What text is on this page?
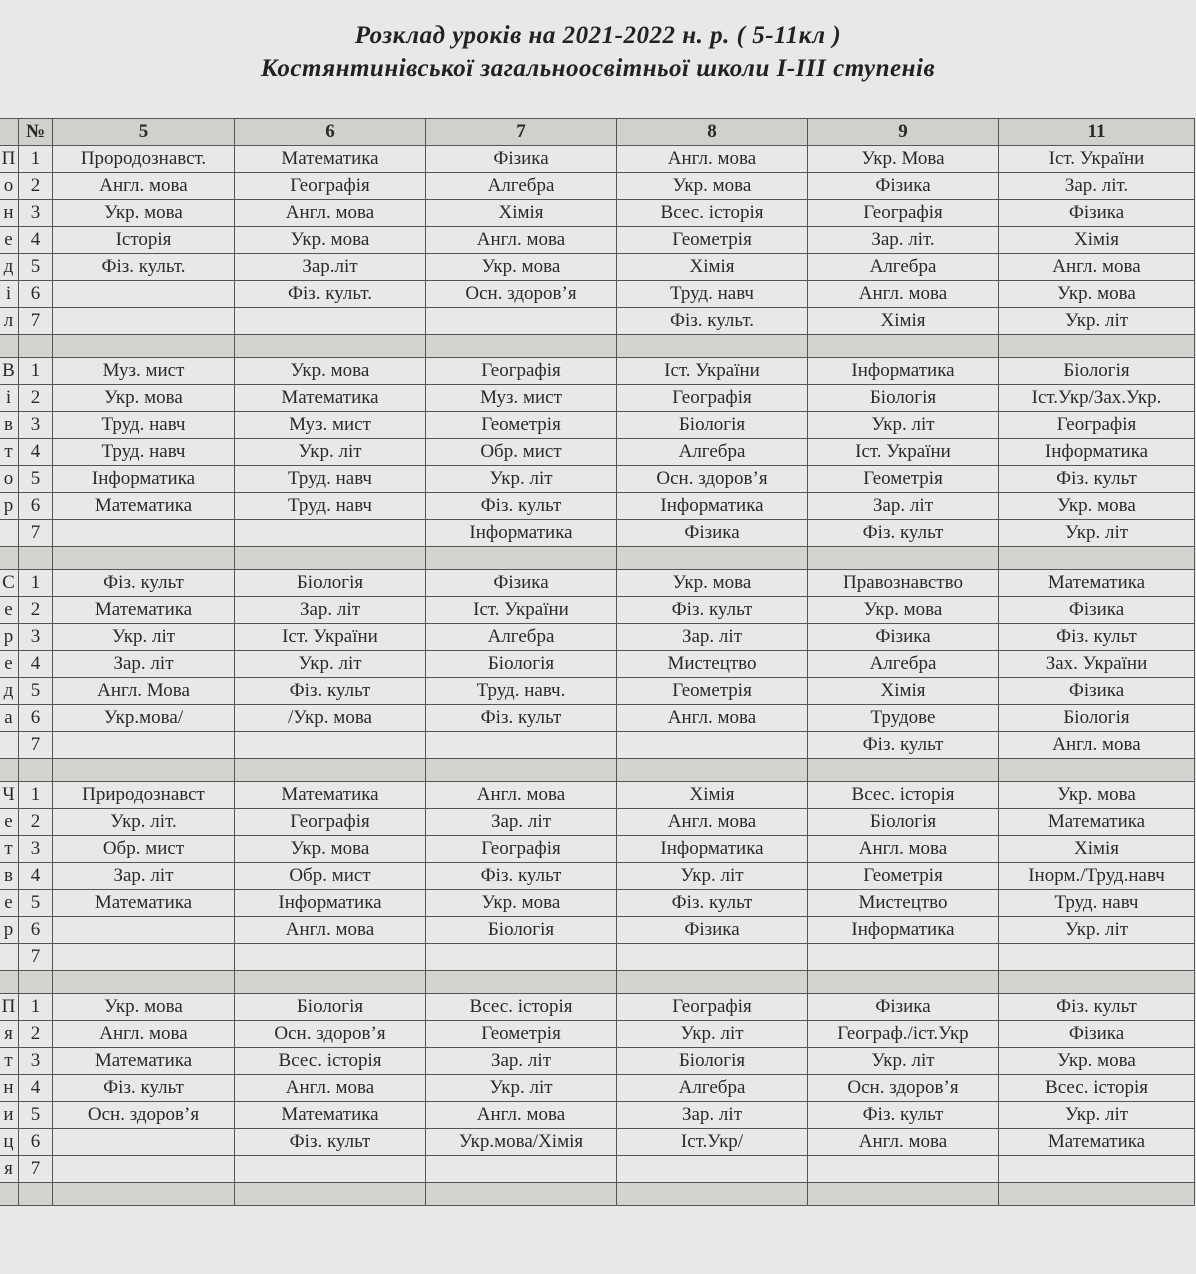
Розклад уроків на 2021-2022 н. р. ( 5-11кл )
Костянтинівської загальноосвітньої школи І-ІІІ ступенів
	№	5	6	7	8	9	11
П	1	Прородознавст.	Математика	Фізика	Англ. мова	Укр. Мова	Іст. України
о	2	Англ. мова	Географія	Алгебра	Укр. мова	Фізика	Зар. літ.
н	3	Укр. мова	Англ. мова	Хімія	Всес. історія	Географія	Фізика
е	4	Історія	Укр. мова	Англ. мова	Геометрія	Зар. літ.	Хімія
д	5	Фіз. культ.	Зар.літ	Укр. мова	Хімія	Алгебра	Англ. мова
і	6		Фіз. культ.	Осн. здоров’я	Труд. навч	Англ. мова	Укр. мова
л	7				Фіз. культ.	Хімія	Укр. літ

В	1	Муз. мист	Укр. мова	Географія	Іст. України	Інформатика	Біологія
і	2	Укр. мова	Математика	Муз. мист	Географія	Біологія	Іст.Укр/Зах.Укр.
в	3	Труд. навч	Муз. мист	Геометрія	Біологія	Укр. літ	Географія
т	4	Труд. навч	Укр. літ	Обр. мист	Алгебра	Іст. України	Інформатика
о	5	Інформатика	Труд. навч	Укр. літ	Осн. здоров’я	Геометрія	Фіз. культ
р	6	Математика	Труд. навч	Фіз. культ	Інформатика	Зар. літ	Укр. мова
	7			Інформатика	Фізика	Фіз. культ	Укр. літ

С	1	Фіз. культ	Біологія	Фізика	Укр. мова	Правознавство	Математика
е	2	Математика	Зар. літ	Іст. України	Фіз. культ	Укр. мова	Фізика
р	3	Укр. літ	Іст. України	Алгебра	Зар. літ	Фізика	Фіз. культ
е	4	Зар. літ	Укр. літ	Біологія	Мистецтво	Алгебра	Зах. України
д	5	Англ. Мова	Фіз. культ	Труд. навч.	Геометрія	Хімія	Фізика
а	6	Укр.мова/	/Укр. мова	Фіз. культ	Англ. мова	Трудове	Біологія
	7					Фіз. культ	Англ. мова

Ч	1	Природознавст	Математика	Англ. мова	Хімія	Всес. історія	Укр. мова
е	2	Укр. літ.	Географія	Зар. літ	Англ. мова	Біологія	Математика
т	3	Обр. мист	Укр. мова	Географія	Інформатика	Англ. мова	Хімія
в	4	Зар. літ	Обр. мист	Фіз. культ	Укр. літ	Геометрія	Інорм./Труд.навч
е	5	Математика	Інформатика	Укр. мова	Фіз. культ	Мистецтво	Труд. навч
р	6		Англ. мова	Біологія	Фізика	Інформатика	Укр. літ
	7						

П	1	Укр. мова	Біологія	Всес. історія	Географія	Фізика	Фіз. культ
я	2	Англ. мова	Осн. здоров’я	Геометрія	Укр. літ	Географ./іст.Укр	Фізика
т	3	Математика	Всес. історія	Зар. літ	Біологія	Укр. літ	Укр. мова
н	4	Фіз. культ	Англ. мова	Укр. літ	Алгебра	Осн. здоров’я	Всес. історія
и	5	Осн. здоров’я	Математика	Англ. мова	Зар. літ	Фіз. культ	Укр. літ
ц	6		Фіз. культ	Укр.мова/Хімія	Іст.Укр/	Англ. мова	Математика
я	7						
